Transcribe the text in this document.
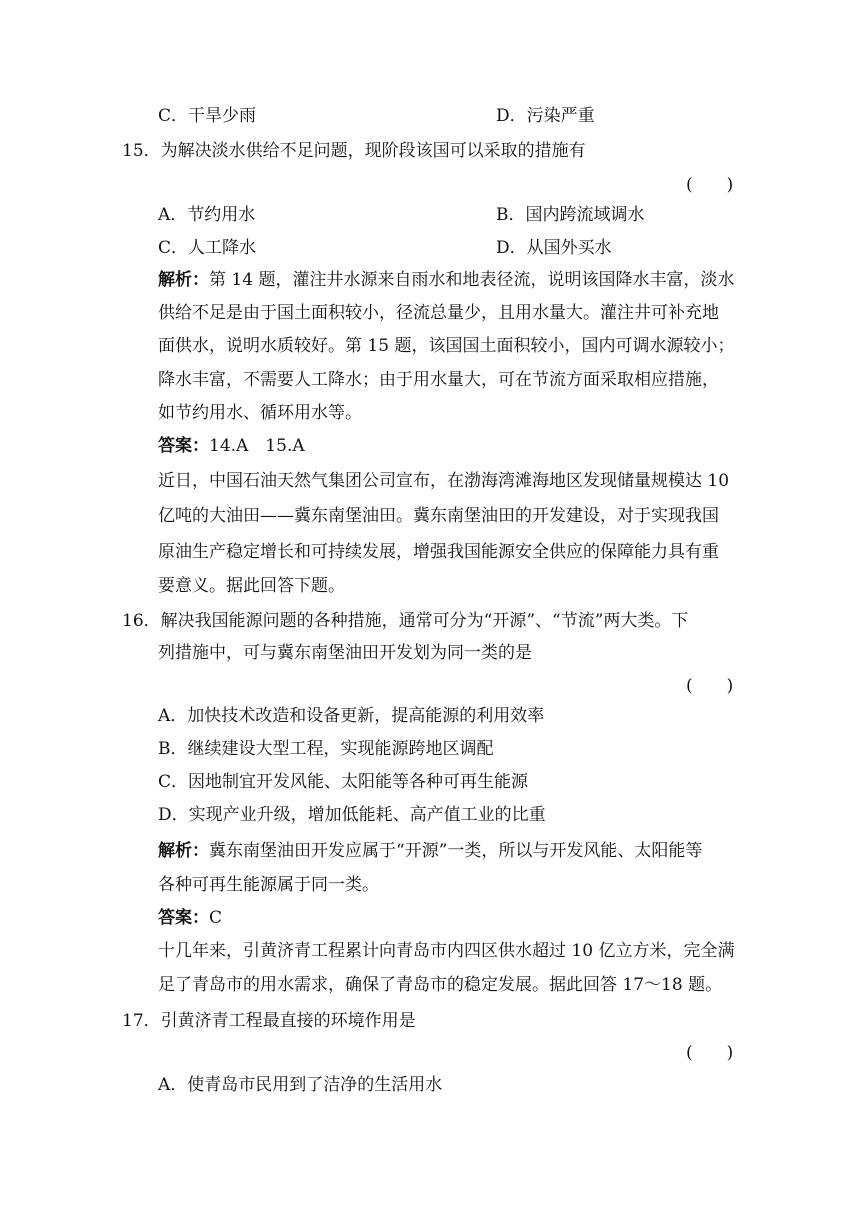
C．干旱少雨	D．污染严重
15．为解决淡水供给不足问题，现阶段该国可以采取的措施有
(　　)
A．节约用水	B．国内跨流域调水
C．人工降水	D．从国外买水
解析：第 14 题，灌注井水源来自雨水和地表径流，说明该国降水丰富，淡水
供给不足是由于国土面积较小，径流总量少，且用水量大。灌注井可补充地
面供水，说明水质较好。第 15 题，该国国土面积较小，国内可调水源较小；
降水丰富，不需要人工降水；由于用水量大，可在节流方面采取相应措施，
如节约用水、循环用水等。
答案：14.A　15.A
近日，中国石油天然气集团公司宣布，在渤海湾滩海地区发现储量规模达 10
亿吨的大油田——冀东南堡油田。冀东南堡油田的开发建设，对于实现我国
原油生产稳定增长和可持续发展，增强我国能源安全供应的保障能力具有重
要意义。据此回答下题。
16．解决我国能源问题的各种措施，通常可分为“开源”、“节流”两大类。下
列措施中，可与冀东南堡油田开发划为同一类的是
(　　)
A．加快技术改造和设备更新，提高能源的利用效率
B．继续建设大型工程，实现能源跨地区调配
C．因地制宜开发风能、太阳能等各种可再生能源
D．实现产业升级，增加低能耗、高产值工业的比重
解析：冀东南堡油田开发应属于“开源”一类，所以与开发风能、太阳能等
各种可再生能源属于同一类。
答案：C
十几年来，引黄济青工程累计向青岛市内四区供水超过 10 亿立方米，完全满
足了青岛市的用水需求，确保了青岛市的稳定发展。据此回答 17～18 题。
17．引黄济青工程最直接的环境作用是
(　　)
A．使青岛市民用到了洁净的生活用水
